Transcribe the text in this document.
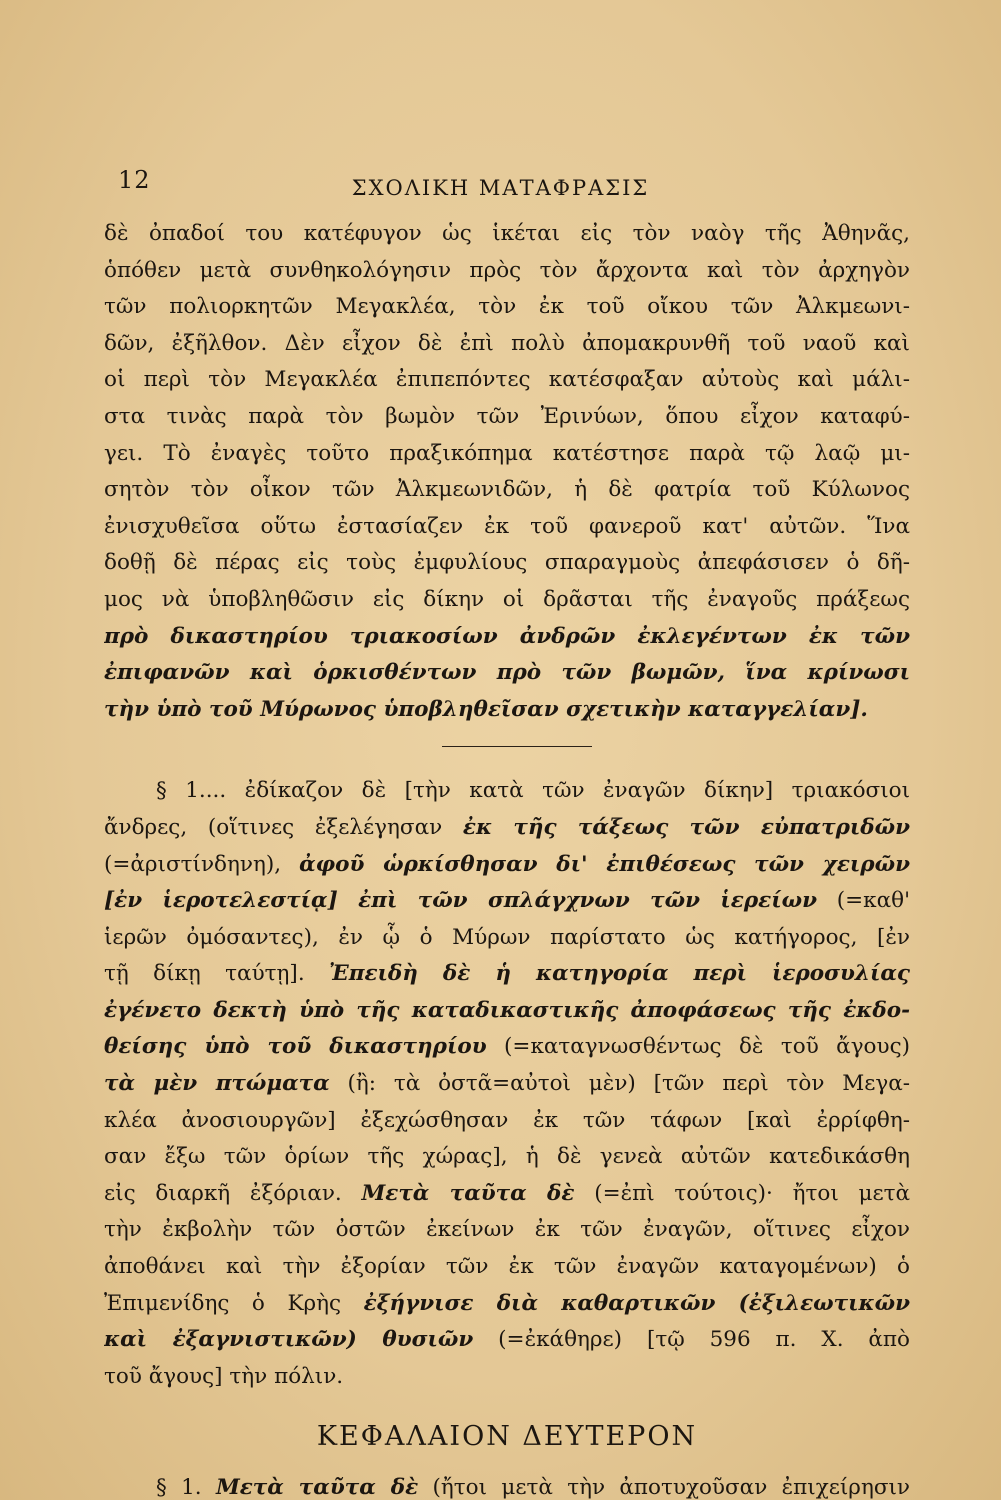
12	ΣΧΟΛΙΚΗ ΜΑΤΑΦΡΑΣΙΣ
δὲ ὀπαδοί του κατέφυγον ὡς ἱκέται εἰς τὸν ναὸγ τῆς Ἀθηνᾶς,
ὁπόθεν μετὰ συνθηκολόγησιν πρὸς τὸν ἄρχοντα καὶ τὸν ἀρχηγὸν
τῶν πολιορκητῶν Μεγακλέα, τὸν ἐκ τοῦ οἴκου τῶν Ἀλκμεωνι-
δῶν, ἐξῆλθον. Δὲν εἶχον δὲ ἐπὶ πολὺ ἀπομακρυνθῆ τοῦ ναοῦ καὶ
οἱ περὶ τὸν Μεγακλέα ἐπιπεπόντες κατέσφαξαν αὐτοὺς καὶ μάλι-
στα τινὰς παρὰ τὸν βωμὸν τῶν Ἐρινύων, ὅπου εἶχον καταφύ-
γει. Τὸ ἐναγὲς τοῦτο πραξικόπημα κατέστησε παρὰ τῷ λαῷ μι-
σητὸν τὸν οἶκον τῶν Ἀλκμεωνιδῶν, ἡ δὲ φατρία τοῦ Κύλωνος
ἐνισχυθεῖσα οὕτω ἐστασίαζεν ἐκ τοῦ φανεροῦ κατ' αὐτῶν. Ἵνα
δοθῇ δὲ πέρας εἰς τοὺς ἐμφυλίους σπαραγμοὺς ἀπεφάσισεν ὁ δῆ-
μος νὰ ὑποβληθῶσιν εἰς δίκην οἱ δρᾶσται τῆς ἐναγοῦς πράξεως
πρὸ δικαστηρίου τριακοσίων ἀνδρῶν ἐκλεγέντων ἐκ τῶν
ἐπιφανῶν καὶ ὁρκισθέντων πρὸ τῶν βωμῶν, ἵνα κρίνωσι
τὴν ὑπὸ τοῦ Μύρωνος ὑποβληθεῖσαν σχετικὴν καταγγελίαν].
§ 1.... ἐδίκαζον δὲ [τὴν κατὰ τῶν ἐναγῶν δίκην] τριακόσιοι
ἄνδρες, (οἵτινες ἐξελέγησαν ἐκ τῆς τάξεως τῶν εὐπατριδῶν
(=ἀριστίνδηνη), ἀφοῦ ὡρκίσθησαν δι' ἐπιθέσεως τῶν χειρῶν
[ἐν ἱεροτελεστίᾳ] ἐπὶ τῶν σπλάγχνων τῶν ἱερείων (=καθ'
ἱερῶν ὀμόσαντες), ἐν ᾧ ὁ Μύρων παρίστατο ὡς κατήγορος, [ἐν
τῇ δίκῃ ταύτῃ]. Ἐπειδὴ δὲ ἡ κατηγορία περὶ ἱεροσυλίας
ἐγένετο δεκτὴ ὑπὸ τῆς καταδικαστικῆς ἀποφάσεως τῆς ἐκδο-
θείσης ὑπὸ τοῦ δικαστηρίου (=καταγνωσθέντως δὲ τοῦ ἄγους)
τὰ μὲν πτώματα (ἢ: τὰ ὀστᾶ=αὐτοὶ μὲν) [τῶν περὶ τὸν Μεγα-
κλέα ἀνοσιουργῶν] ἐξεχώσθησαν ἐκ τῶν τάφων [καὶ ἐρρίφθη-
σαν ἔξω τῶν ὁρίων τῆς χώρας], ἡ δὲ γενεὰ αὐτῶν κατεδικάσθη
εἰς διαρκῆ ἐξόριαν. Μετὰ ταῦτα δὲ (=ἐπὶ τούτοις)· ἤτοι μετὰ
τὴν ἐκβολὴν τῶν ὀστῶν ἐκείνων ἐκ τῶν ἐναγῶν, οἵτινες εἶχον
ἀποθάνει καὶ τὴν ἐξορίαν τῶν ἐκ τῶν ἐναγῶν καταγομένων) ὁ
Ἐπιμενίδης ὁ Κρὴς ἐξήγνισε διὰ καθαρτικῶν (ἐξιλεωτικῶν
καὶ ἐξαγνιστικῶν) θυσιῶν (=ἐκάθηρε) [τῷ 596 π. Χ. ἀπὸ
τοῦ ἄγους] τὴν πόλιν.
ΚΕΦΑΛΑΙΟΝ ΔΕΥΤΕΡΟΝ
§ 1. Μετὰ ταῦτα δὲ (ἤτοι μετὰ τὴν ἀποτυχοῦσαν ἐπιχείρησιν
